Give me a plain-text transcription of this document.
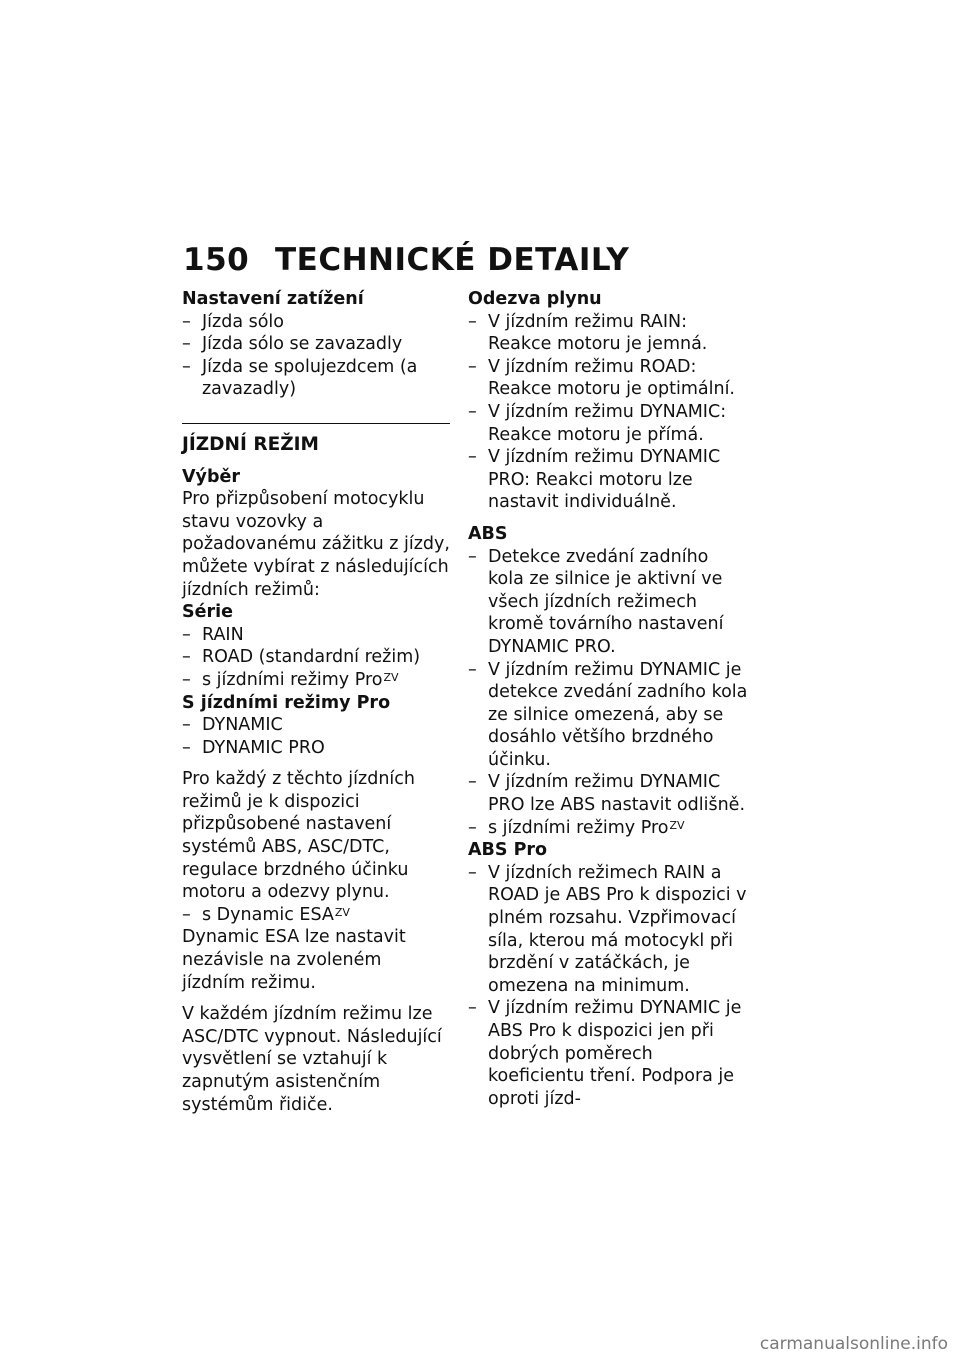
150 TECHNICKÉ DETAILY

Nastavení zatížení

– Jízda sólo

– Jízda sólo se zavazadly

– Jízda se spolujezdcem (a zavazadly)

JÍZDNÍ REŽIM

Výběr

Pro přizpůsobení motocyklu stavu vozovky a požadovanému zážitku z jízdy, můžete vybírat z následujících jízdních režimů:

Série

– RAIN

– ROAD (standardní režim)

– s jízdními režimy Pro$^{ZV}$

S jízdními režimy Pro

– DYNAMIC

– DYNAMIC PRO

Pro každý z těchto jízdních režimů je k dispozici přizpůsobené nastavení systémů ABS, ASC/DTC, regulace brzdného účinku motoru a odezvy plynu.

– s Dynamic $ESA^{ZV}$

Dynamic ESA lze nastavit nezávisle na zvoleném jízdním režimu.

V každém jízdním režimu lze ASC/DTC vypnout. Následující vysvětlení se vztahují k zapnutým asistenčním systémům řidiče.

Odezva plynu

– V jízdním režimu RAIN: Reakce motoru je jemná.

– V jízdním režimu ROAD: Reakce motoru je optimální.

– V jízdním režimu DYNAMIC: Reakce motoru je přímá.

– V jízdním režimu DYNAMIC PRO: Reakci motoru lze nastavit individuálně.

ABS

– Detekce zvedání zadního kola ze silnice je aktivní ve všech jízdních režimech kromě továrního nastavení DYNAMIC PRO.

– V jízdním režimu DYNAMIC je detekce zvedání zadního kola ze silnice omezená, aby se dosáhlo většího brzdného účinku.

– V jízdním režimu DYNAMIC PRO lze ABS nastavit odlišně.

– s jízdními režimy Pro$^{ZV}$

ABS Pro

– V jízdních režimech RAIN a ROAD je ABS Pro k dispozici v plném rozsahu. Vzpřimovací síla, kterou má motocykl při brzdění v zatáčkách, je omezena na minimum.

– V jízdním režimu DYNAMIC je ABS Pro k dispozici jen při dobrých poměrech koeficientu tření. Podpora je oproti jízd-

carmanualsonline.info
